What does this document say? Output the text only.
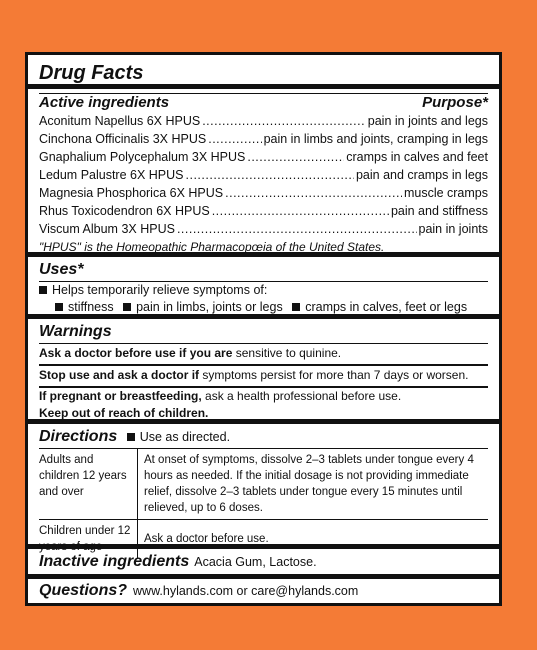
Drug Facts
Active ingredients	Purpose*
Aconitum Napellus 6X HPUS .....	pain in joints and legs
Cinchona Officinalis 3X HPUS .....	pain in limbs and joints, cramping in legs
Gnaphalium Polycephalum 3X HPUS .....	cramps in calves and feet
Ledum Palustre 6X HPUS .....	pain and cramps in legs
Magnesia Phosphorica 6X HPUS .....	muscle cramps
Rhus Toxicodendron 6X HPUS .....	pain and stiffness
Viscum Album 3X HPUS .....	pain in joints
"HPUS" is the Homeopathic Pharmacopœia of the United States.
Uses*
Helps temporarily relieve symptoms of:
stiffness pain in limbs, joints or legs cramps in calves, feet or legs
Warnings
Ask a doctor before use if you are sensitive to quinine.
Stop use and ask a doctor if symptoms persist for more than 7 days or worsen.
If pregnant or breastfeeding, ask a health professional before use.
Keep out of reach of children.
Directions Use as directed.
Adults and children 12 years and over	At onset of symptoms, dissolve 2–3 tablets under tongue every 4 hours as needed. If the initial dosage is not providing immediate relief, dissolve 2–3 tablets under tongue every 15 minutes until relieved, up to 6 doses.
Children under 12 years of age	Ask a doctor before use.
Inactive ingredients Acacia Gum, Lactose.
Questions? www.hylands.com or care@hylands.com
